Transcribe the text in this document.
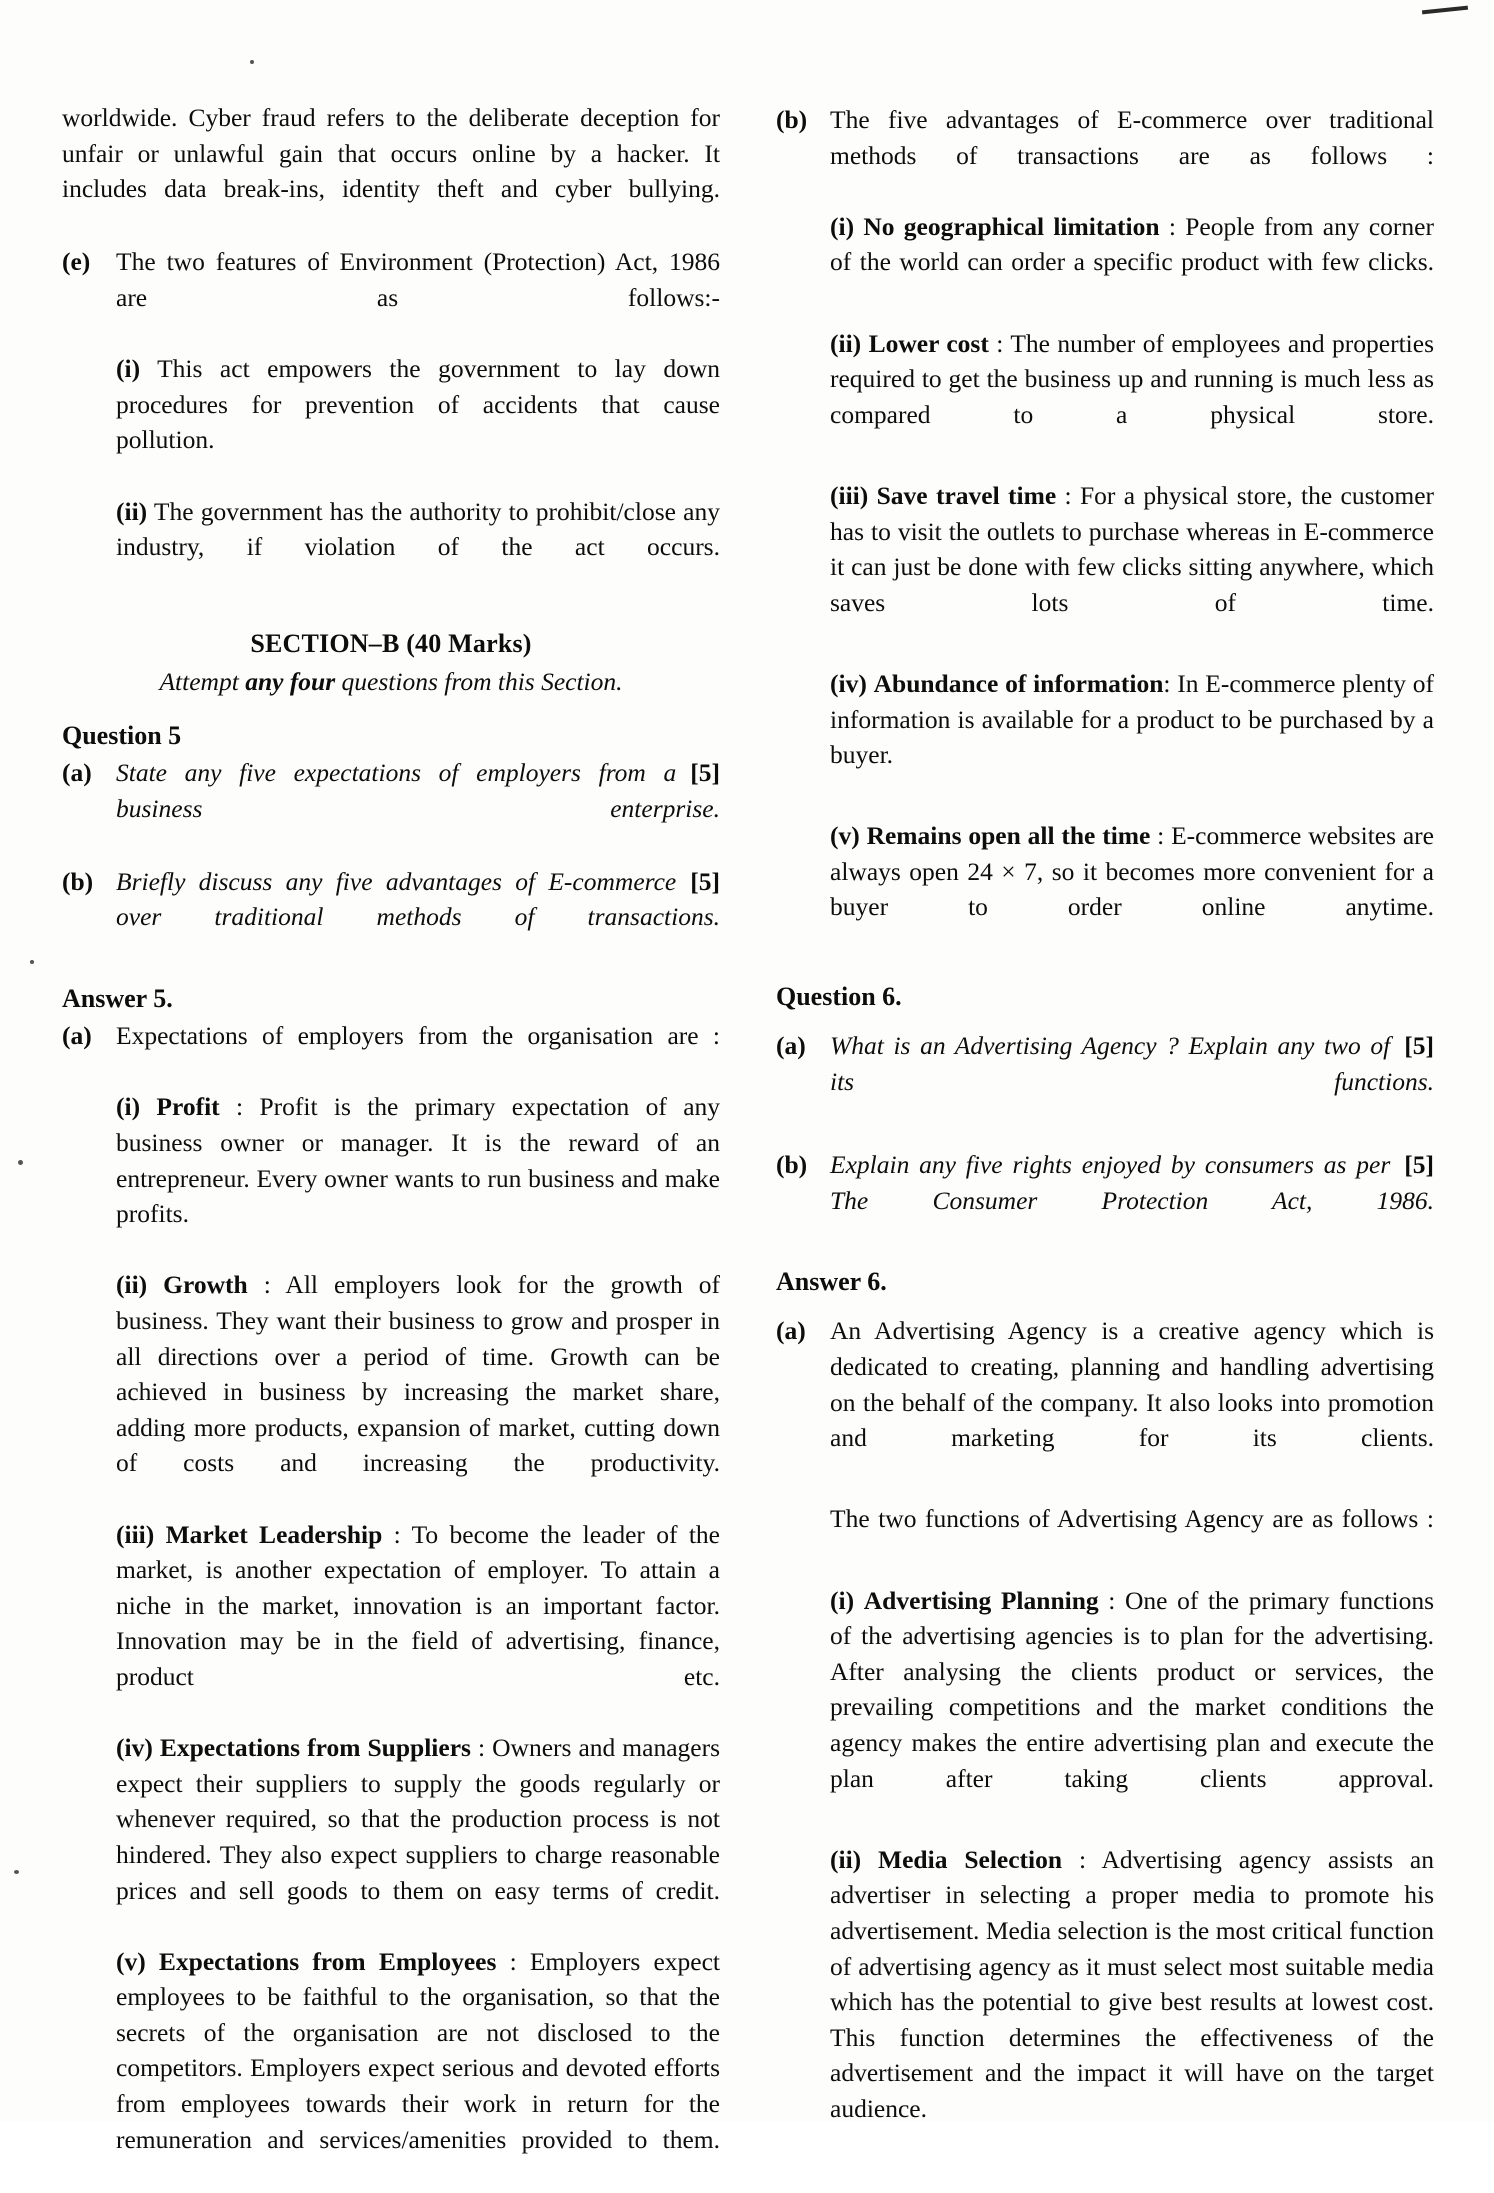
worldwide. Cyber fraud refers to the deliberate deception for unfair or unlawful gain that occurs online by a hacker. It includes data break-ins, identity theft and cyber bullying.
(e)	The two features of Environment (Protection) Act, 1986 are as follows:-
(i) This act empowers the government to lay down procedures for prevention of accidents that cause pollution.
(ii) The government has the authority to prohibit/close any industry, if violation of the act occurs.
SECTION–B (40 Marks)
Attempt any four questions from this Section.
Question 5
(a)	[5]
State any five expectations of employers from a business enterprise.
(b)	[5]
Briefly discuss any five advantages of E-commerce over traditional methods of transactions.
Answer 5.
(a) Expectations of employers from the organisation are :
(i) Profit : Profit is the primary expectation of any business owner or manager. It is the reward of an entrepreneur. Every owner wants to run business and make profits.
(ii) Growth : All employers look for the growth of business. They want their business to grow and prosper in all directions over a period of time. Growth can be achieved in business by increasing the market share, adding more products, expansion of market, cutting down of costs and increasing the productivity.
(iii) Market Leadership : To become the leader of the market, is another expectation of employer. To attain a niche in the market, innovation is an important factor. Innovation may be in the field of advertising, finance, product etc.
(iv) Expectations from Suppliers : Owners and managers expect their suppliers to supply the goods regularly or whenever required, so that the production process is not hindered. They also expect suppliers to charge reasonable prices and sell goods to them on easy terms of credit.
(v) Expectations from Employees : Employers expect employees to be faithful to the organisation, so that the secrets of the organisation are not disclosed to the competitors. Employers expect serious and devoted efforts from employees towards their work in return for the remuneration and services/amenities provided to them.
(b) The five advantages of E-commerce over traditional methods of transactions are as follows :
(i) No geographical limitation : People from any corner of the world can order a specific product with few clicks.
(ii) Lower cost : The number of employees and properties required to get the business up and running is much less as compared to a physical store.
(iii) Save travel time : For a physical store, the customer has to visit the outlets to purchase whereas in E-commerce it can just be done with few clicks sitting anywhere, which saves lots of time.
(iv) Abundance of information: In E-commerce plenty of information is available for a product to be purchased by a buyer.
(v) Remains open all the time : E-commerce websites are always open 24 × 7, so it becomes more convenient for a buyer to order online anytime.
Question 6.
(a)	[5]
What is an Advertising Agency ? Explain any two of its functions.
(b)	[5]
Explain any five rights enjoyed by consumers as per The Consumer Protection Act, 1986.
Answer 6.
(a) An Advertising Agency is a creative agency which is dedicated to creating, planning and handling advertising on the behalf of the company. It also looks into promotion and marketing for its clients.
The two functions of Advertising Agency are as follows :
(i) Advertising Planning : One of the primary functions of the advertising agencies is to plan for the advertising. After analysing the clients product or services, the prevailing competitions and the market conditions the agency makes the entire advertising plan and execute the plan after taking clients approval.
(ii) Media Selection : Advertising agency assists an advertiser in selecting a proper media to promote his advertisement. Media selection is the most critical function of advertising agency as it must select most suitable media which has the potential to give best results at lowest cost. This function determines the effectiveness of the advertisement and the impact it will have on the target audience.
